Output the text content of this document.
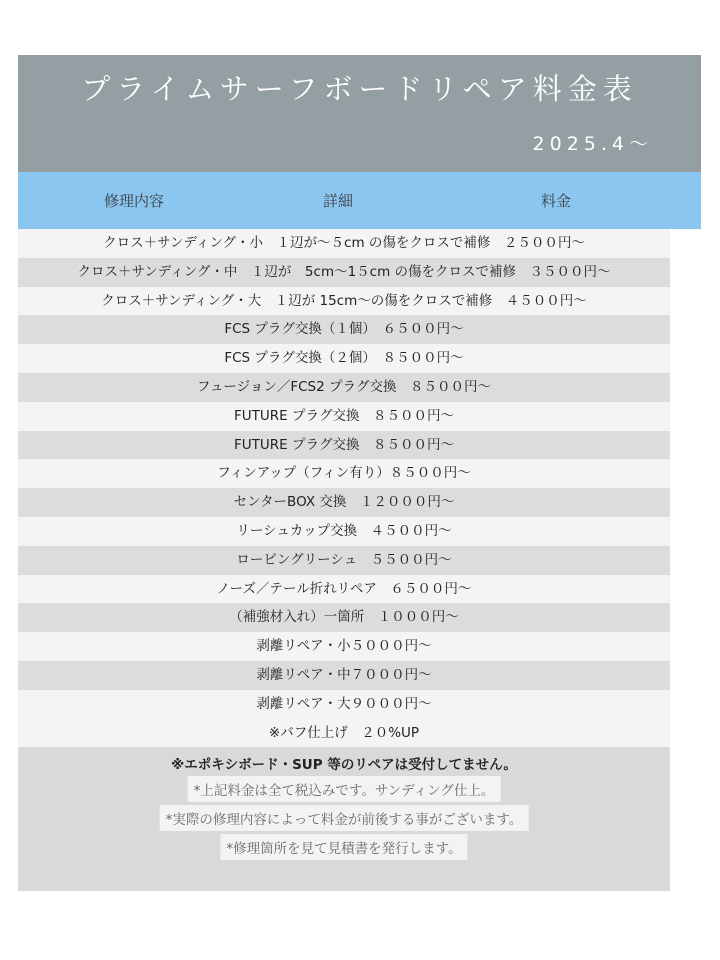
プライムサーフボードリペア料金表
2025.4～
修理内容	詳細	料金
クロス＋サンディング・小　１辺が～５cm の傷をクロスで補修　２５００円～
クロス＋サンディング・中　１辺が　5cm～1５cm の傷をクロスで補修　３５００円～
クロス＋サンディング・大　１辺が 15cm～の傷をクロスで補修　４５００円～
FCS プラグ交換（１個）　６５００円～
FCS プラグ交換（２個）　８５００円～
フュージョン／FCS2 プラグ交換　８５００円～
FUTURE プラグ交換　８５００円～
FUTURE プラグ交換　８５００円～
フィンアップ（フィン有り）８５００円～
センターBOX 交換　１２０００円～
リーシュカップ交換　４５００円～
ロービングリーシュ　５５００円～
ノーズ／テール折れリペア　６５００円～
（補強材入れ）一箇所　１０００円～
剥離リペア・小５０００円～
剥離リペア・中７０００円～
剥離リペア・大９０００円～
※バフ仕上げ　２０%UP
※エポキシボード・SUP 等のリペアは受付してません。
*上記料金は全て税込みです。サンディング仕上。
*実際の修理内容によって料金が前後する事がございます。
*修理箇所を見て見積書を発行します。
